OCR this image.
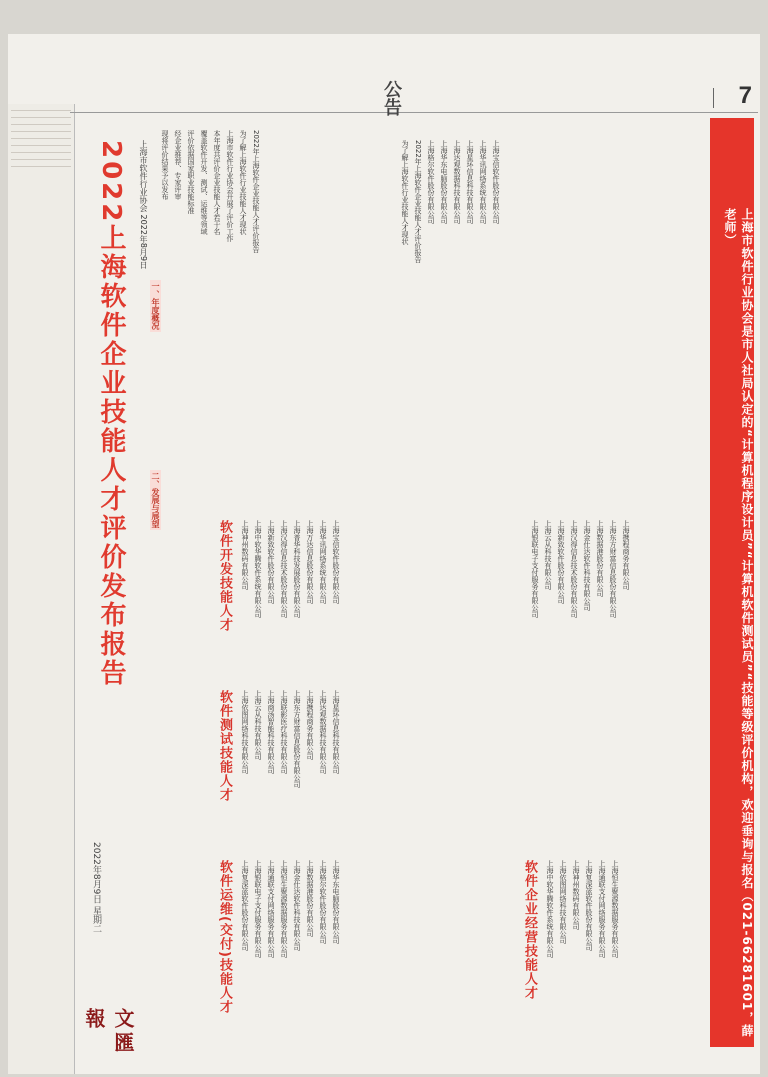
7
公告
文匯報
2022年8月9日 星期二
2022上海软件企业技能人才评价发布报告	上海市软件行业协会 2022年8月9日
一、年度概况
二、发展与展望
2022年上海软件企业技能人才评价报告
为了解上海软件行业技能人才现状
上海市软件行业协会开展了评价工作
本年度共评价企业技能人才若干名
覆盖软件开发、测试、运维等领域
评价依据国家职业技能标准
经企业推荐、专家评审
现将评价结果予以发布
软件开发技能人才
软件测试技能人才
软件运维(交付)技能人才	软件企业经营技能人才
上海宝信软件股份有限公司
上海华讯网络系统有限公司
上海万达信息股份有限公司
上海普华科技发展股份有限公司
上海汉得信息技术股份有限公司
上海新致软件股份有限公司
上海中软华腾软件系统有限公司
上海神州数码有限公司
上海星环信息科技有限公司
上海达观数据科技有限公司
上海携程商务有限公司
上海东方财富信息股份有限公司
上海联影医疗科技有限公司
上海商汤智能科技有限公司
上海云从科技有限公司
上海依图网络科技有限公司
上海华东电脑股份有限公司
上海格尔软件股份有限公司
上海数据港股份有限公司
上海金仕达软件科技有限公司
上海恒生聚源数据服务有限公司
上海通联支付网络服务有限公司
上海银联电子支付服务有限公司
上海复深蓝软件股份有限公司
上海宝信软件股份有限公司
上海华讯网络系统有限公司
上海星环信息科技有限公司
上海达观数据科技有限公司
上海华东电脑股份有限公司
上海格尔软件股份有限公司
2022年上海软件企业技能人才评价报告
为了解上海软件行业技能人才现状
上海携程商务有限公司
上海东方财富信息股份有限公司
上海数据港股份有限公司
上海金仕达软件科技有限公司
上海汉得信息技术股份有限公司
上海新致软件股份有限公司
上海云从科技有限公司
上海银联电子支付服务有限公司
上海恒生聚源数据服务有限公司
上海通联支付网络服务有限公司
上海复深蓝软件股份有限公司
上海神州数码有限公司
上海依图网络科技有限公司
上海中软华腾软件系统有限公司	上海市软件行业协会是市人社局认定的“计算机程序设计员”“计算机软件测试员”“技能等级评价机构，欢迎垂询与报名（021-66281601，薛老师）
